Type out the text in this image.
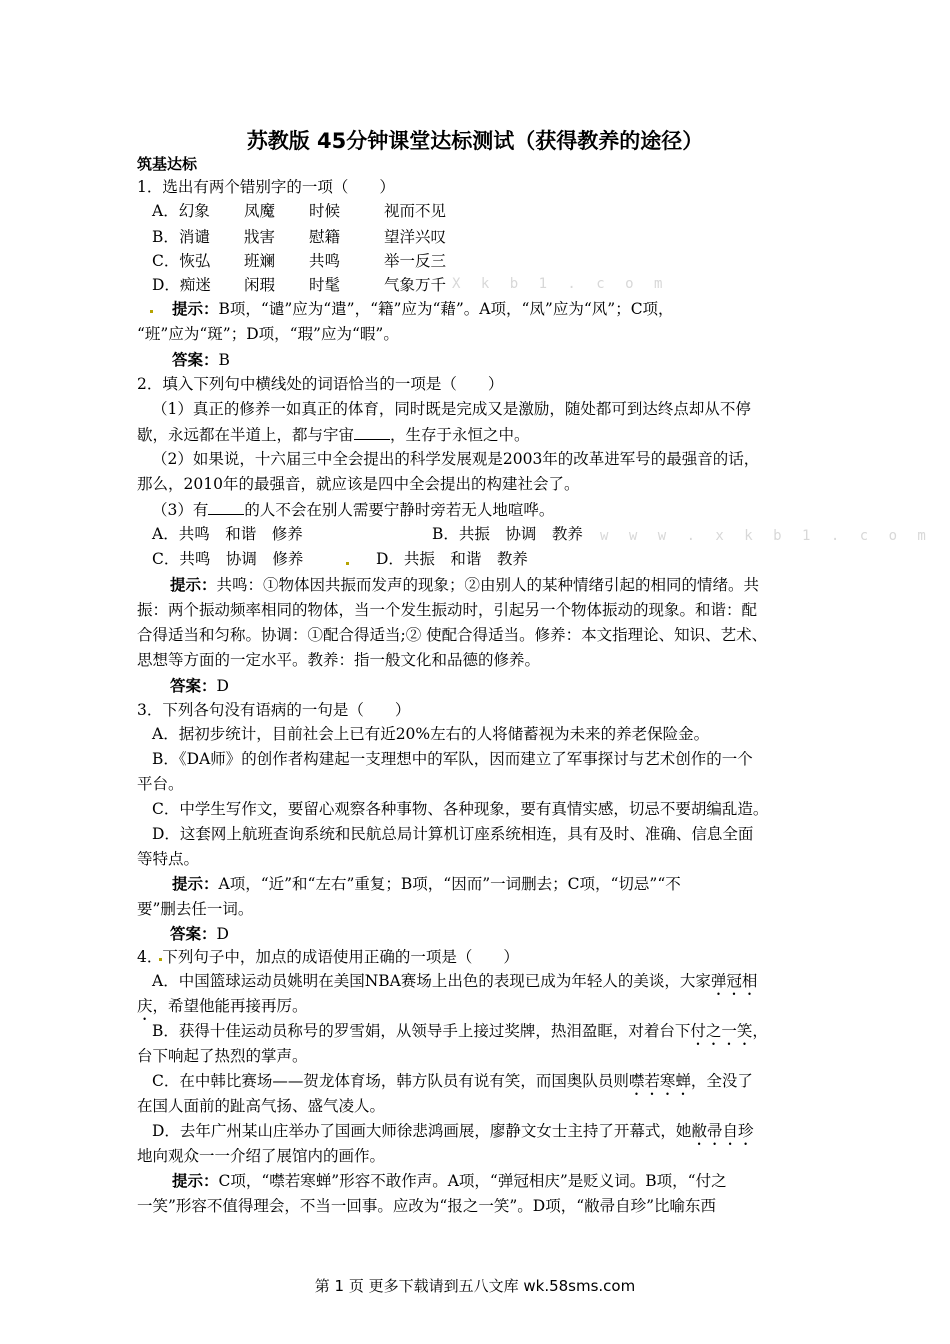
苏教版 45分钟课堂达标测试（获得教养的途径）
筑基达标
1．选出有两个错别字的一项（　　）
A．幻象 凤魔 时候	视而不见
B．消谴 戕害 慰籍	望洋兴叹
C．恢弘 班斓 共鸣	举一反三
X k b 1 . c o m
D．痴迷 闲瑕 时髦	气象万千
提示：B项，“谴”应为“遣”，“籍”应为“藉”。A项，“凤”应为“风”；C项，
“班”应为“斑”；D项，“瑕”应为“暇”。
答案：B
2．填入下列句中横线处的词语恰当的一项是（　　）
（1）真正的修养一如真正的体育，同时既是完成又是激励，随处都可到达终点却从不停
歇，永远都在半道上，都与宇宙 ，生存于永恒之中。
（2）如果说，十六届三中全会提出的科学发展观是2003年的改革进军号的最强音的话，
那么，2010年的最强音，就应该是四中全会提出的构建社会了。
（3）有 的人不会在别人需要宁静时旁若无人地喧哗。
A．共鸣　和谐　修养	B．共振　协调　教养	w w w . x k b 1 . c o m
C．共鸣　协调　修养	D．共振　和谐　教养
提示：共鸣：①物体因共振而发声的现象；②由别人的某种情绪引起的相同的情绪。共
振：两个振动频率相同的物体，当一个发生振动时，引起另一个物体振动的现象。和谐：配
合得适当和匀称。协调：①配合得适当;② 使配合得适当。修养：本文指理论、知识、艺术、
思想等方面的一定水平。教养：指一般文化和品德的修养。
答案：D
3．下列各句没有语病的一句是（　　）
A．据初步统计，目前社会上已有近20%左右的人将储蓄视为未来的养老保险金。
B．《DA师》的创作者构建起一支理想中的军队，因而建立了军事探讨与艺术创作的一个
平台。
C．中学生写作文，要留心观察各种事物、各种现象，要有真情实感，切忌不要胡编乱造。
D．这套网上航班查询系统和民航总局计算机订座系统相连，具有及时、准确、信息全面
等特点。
提示：A项，“近”和“左右”重复；B项，“因而”一词删去；C项，“切忌”“不
要”删去任一词。
答案：D
4．下列句子中，加点的成语使用正确的一项是（　　）
A．中国篮球运动员姚明在美国NBA赛场上出色的表现已成为年轻人的美谈，大家弹冠相
庆，希望他能再接再厉。
B．获得十佳运动员称号的罗雪娟，从领导手上接过奖牌，热泪盈眶，对着台下付之一笑，
台下响起了热烈的掌声。
C．在中韩比赛场——贺龙体育场，韩方队员有说有笑，而国奥队员则噤若寒蝉，全没了
在国人面前的趾高气扬、盛气凌人。
D．去年广州某山庄举办了国画大师徐悲鸿画展，廖静文女士主持了开幕式，她敝帚自珍
地向观众一一介绍了展馆内的画作。
提示：C项，“噤若寒蝉”形容不敢作声。A项，“弹冠相庆”是贬义词。B项，“付之
一笑”形容不值得理会，不当一回事。应改为“报之一笑”。D项，“敝帚自珍”比喻东西
第 1 页 更多下载请到五八文库 wk.58sms.com
